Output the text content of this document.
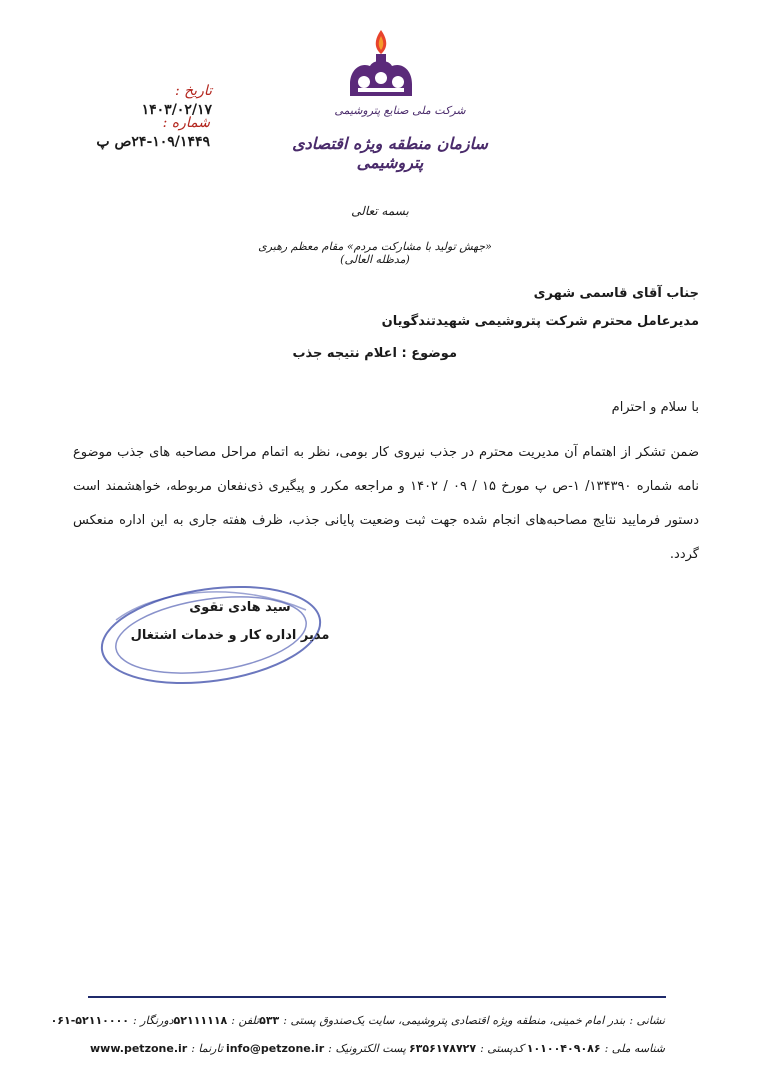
شرکت ملی صنایع پتروشیمی
سازمان منطقه ویژه اقتصادی پتروشیمی
تاریخ : ۱۴۰۳/۰۲/۱۷
شماره : ۱۰۹/۱۴۴۹-۲۴ص پ
بسمه تعالی
«جهش تولید با مشارکت مردم» مقام معظم رهبری (مدظله العالی)
جناب آقای قاسمی شهری
مدیرعامل محترم شرکت پتروشیمی شهیدتندگویان
موضوع : اعلام نتیجه جذب
با سلام و احترام
ضمن تشکر از اهتمام آن مدیریت محترم در جذب نیروی کار بومی، نظر به اتمام مراحل مصاحبه های جذب موضوع نامه شماره ۱۳۴۳۹۰/ ۱-ص پ مورخ ۱۵ / ۰۹ / ۱۴۰۲ و مراجعه مکرر و پیگیری ذی‌نفعان مربوطه، خواهشمند است دستور فرمایید نتایج مصاحبه‌های انجام شده جهت ثبت وضعیت پایانی جذب، ظرف هفته جاری به این اداره منعکس گردد.
سید هادی تقوی
مدیر اداره کار و خدمات اشتغال
نشانی :
بندر امام خمینی، منطقه ویژه اقتصادی پتروشیمی، سایت یک
صندوق پستی :
۵۳۳
تلفن :
۵۲۱۱۱۱۱۸
دورنگار :
۰۶۱-۵۲۱۱۰۰۰۰
شناسه ملی :
۱۰۱۰۰۴۰۹۰۸۶
کدپستی :
۶۳۵۶۱۷۸۷۲۷
پست الکترونیک :
info@petzone.ir
تارنما :
www.petzone.ir
